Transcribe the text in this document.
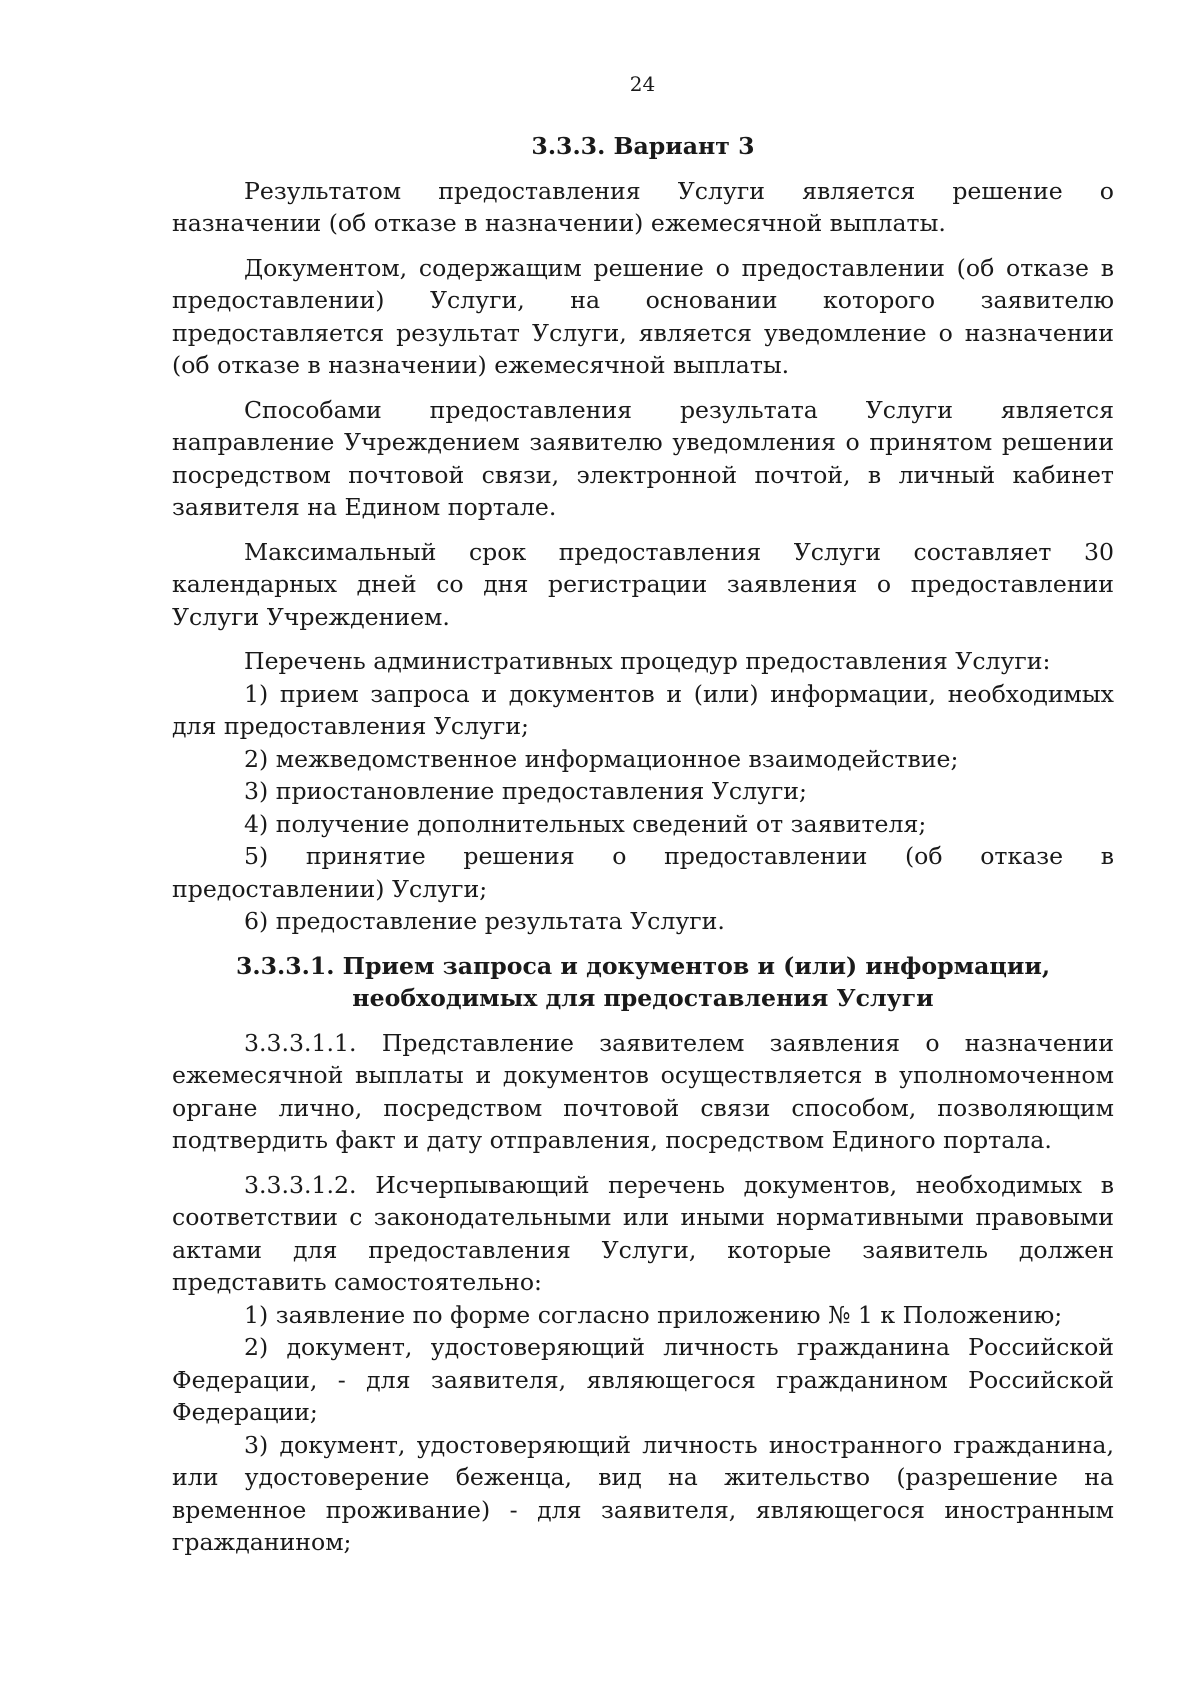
24
3.3.3. Вариант 3

Результатом предоставления Услуги является решение о назначении (об отказе в назначении) ежемесячной выплаты.

Документом, содержащим решение о предоставлении (об отказе в предоставлении) Услуги, на основании которого заявителю предоставляется результат Услуги, является уведомление о назначении (об отказе в назначении) ежемесячной выплаты.

Способами предоставления результата Услуги является направление Учреждением заявителю уведомления о принятом решении посредством почтовой связи, электронной почтой, в личный кабинет заявителя на Едином портале.

Максимальный срок предоставления Услуги составляет 30 календарных дней со дня регистрации заявления о предоставлении Услуги Учреждением.

Перечень административных процедур предоставления Услуги:

1) прием запроса и документов и (или) информации, необходимых для предоставления Услуги;

2) межведомственное информационное взаимодействие;

3) приостановление предоставления Услуги;

4) получение дополнительных сведений от заявителя;

5) принятие решения о предоставлении (об отказе в предоставлении) Услуги;

6) предоставление результата Услуги.

3.3.3.1. Прием запроса и документов и (или) информации, необходимых для предоставления Услуги

3.3.3.1.1. Представление заявителем заявления о назначении ежемесячной выплаты и документов осуществляется в уполномоченном органе лично, посредством почтовой связи способом, позволяющим подтвердить факт и дату отправления, посредством Единого портала.

3.3.3.1.2. Исчерпывающий перечень документов, необходимых в соответствии с законодательными или иными нормативными правовыми актами для предоставления Услуги, которые заявитель должен представить самостоятельно:

1) заявление по форме согласно приложению № 1 к Положению;

2) документ, удостоверяющий личность гражданина Российской Федерации, - для заявителя, являющегося гражданином Российской Федерации;

3) документ, удостоверяющий личность иностранного гражданина, или удостоверение беженца, вид на жительство (разрешение на временное проживание) - для заявителя, являющегося иностранным гражданином;
